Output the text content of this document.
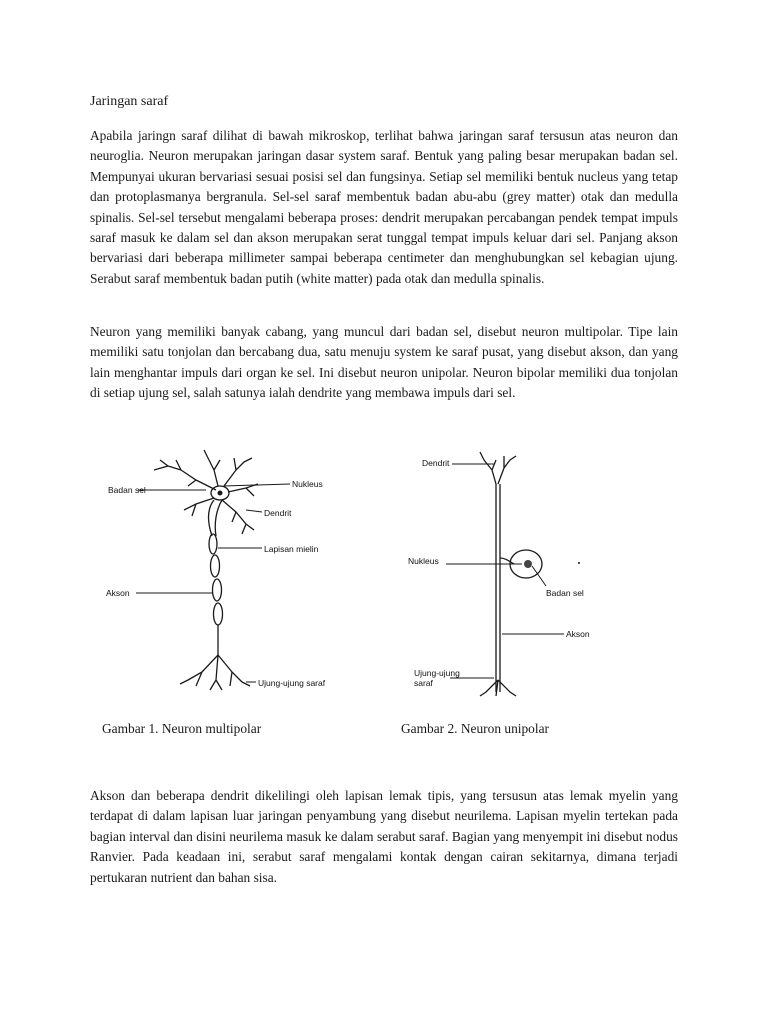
Jaringan saraf

Apabila jaringn saraf dilihat di bawah mikroskop, terlihat bahwa jaringan saraf tersusun atas neuron dan neuroglia. Neuron merupakan jaringan dasar system saraf. Bentuk yang paling besar merupakan badan sel. Mempunyai ukuran bervariasi sesuai posisi sel dan fungsinya. Setiap sel memiliki bentuk nucleus yang tetap dan protoplasmanya bergranula. Sel-sel saraf membentuk badan abu-abu (grey matter) otak dan medulla spinalis. Sel-sel tersebut mengalami beberapa proses: dendrit merupakan percabangan pendek tempat impuls saraf masuk ke dalam sel dan akson merupakan serat tunggal tempat impuls keluar dari sel. Panjang akson bervariasi dari beberapa millimeter sampai beberapa centimeter dan menghubungkan sel kebagian ujung. Serabut saraf membentuk badan putih (white matter) pada otak dan medulla spinalis.

Neuron yang memiliki banyak cabang, yang muncul dari badan sel, disebut neuron multipolar. Tipe lain memiliki satu tonjolan dan bercabang dua, satu menuju system ke saraf pusat, yang disebut akson, dan yang lain menghantar impuls dari organ ke sel. Ini disebut neuron unipolar. Neuron bipolar memiliki dua tonjolan di setiap ujung sel, salah satunya ialah dendrite yang membawa impuls dari sel.

Badan sel
Nukleus
Dendrit
Lapisan mielin
Akson
Ujung-ujung saraf
Dendrit
Nukleus
Badan sel
Akson
Ujung-ujung
saraf

Gambar 1. Neuron multipolar	Gambar 2. Neuron unipolar

Akson dan beberapa dendrit dikelilingi oleh lapisan lemak tipis, yang tersusun atas lemak myelin yang terdapat di dalam lapisan luar jaringan penyambung yang disebut neurilema. Lapisan myelin tertekan pada bagian interval dan disini neurilema masuk ke dalam serabut saraf. Bagian yang menyempit ini disebut nodus Ranvier. Pada keadaan ini, serabut saraf mengalami kontak dengan cairan sekitarnya, dimana terjadi pertukaran nutrient dan bahan sisa.
